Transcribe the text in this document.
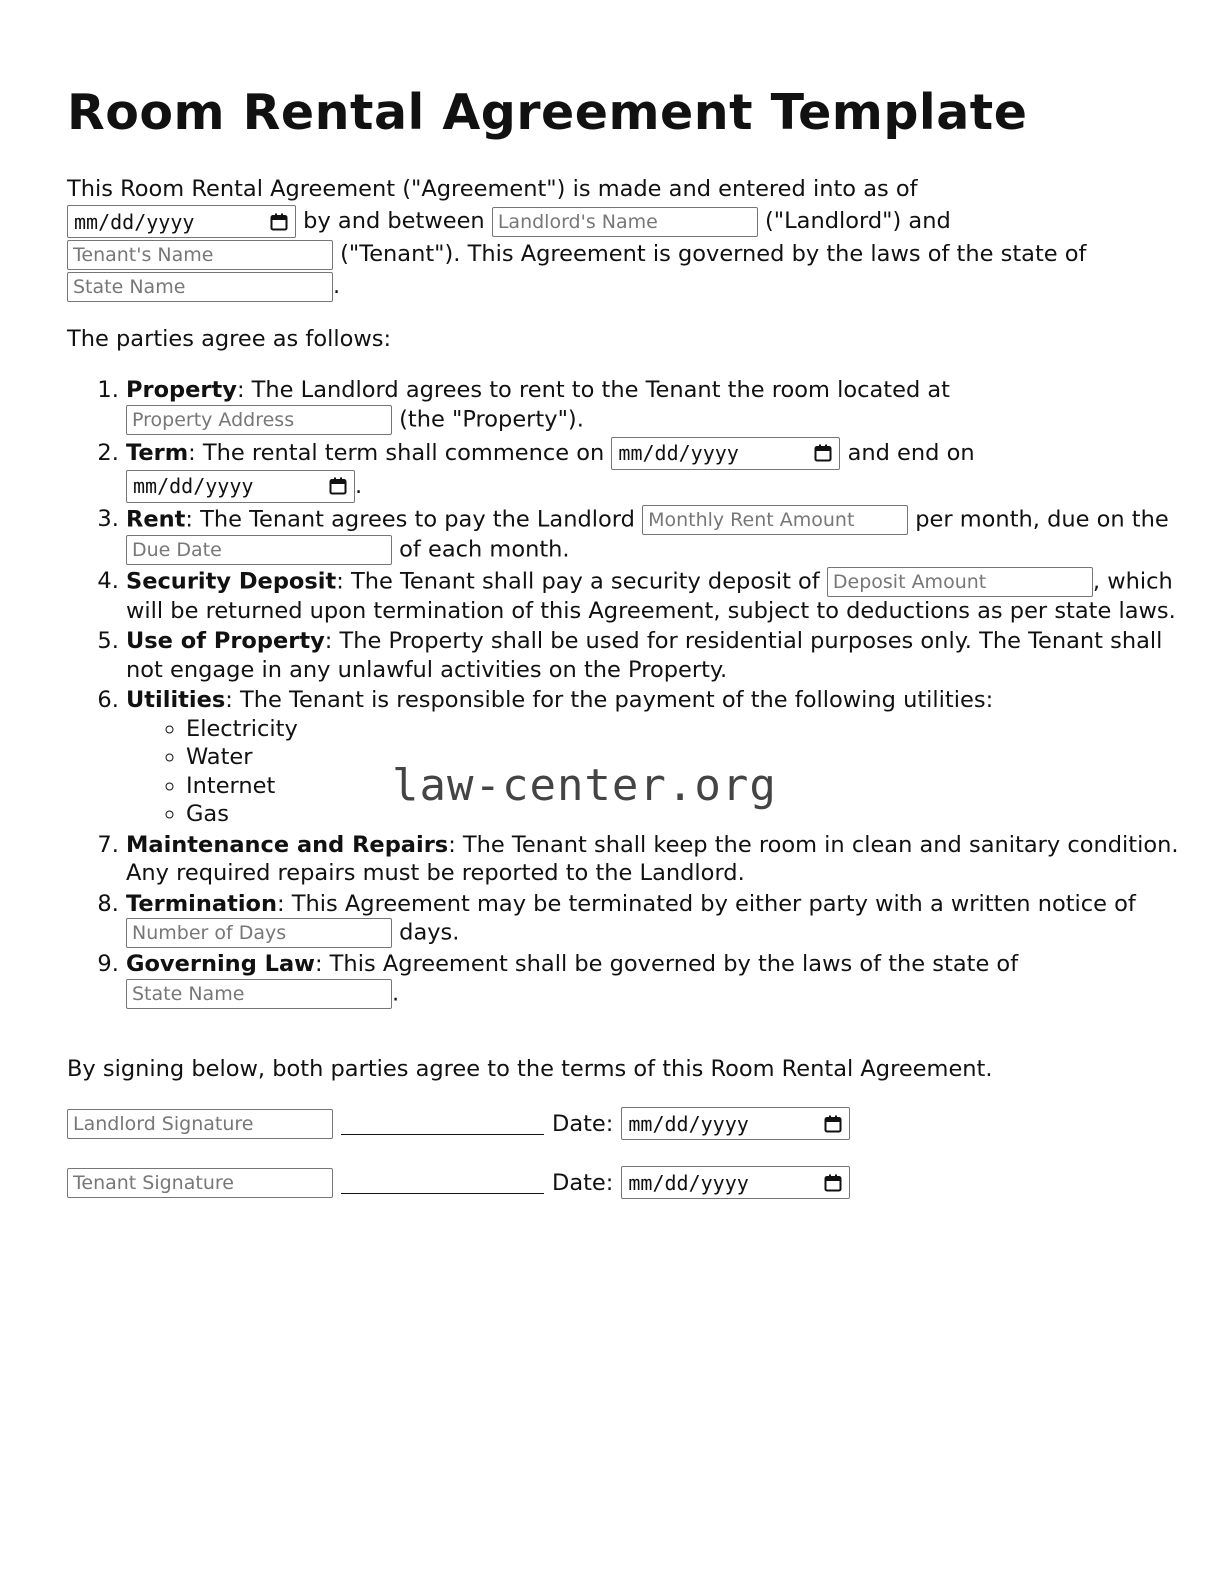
Room Rental Agreement Template
This Room Rental Agreement ("Agreement") is made and entered into as of

mm/dd/yyyy	by and between Landlord's Name	("Landlord") and
Tenant's Name ("Tenant"). This Agreement is governed by the laws of the state of
State Name.
The parties agree as follows:
1. Property: The Landlord agrees to rent to the Tenant the room located at
Property Address (the "Property").
2. Term: The rental term shall commence on mm/dd/yyyy	and end on

mm/dd/yyyy	.
3. Rent: The Tenant agrees to pay the Landlord Monthly Rent Amount	per month, due on the Due Date of each month.
4. Security Deposit: The Tenant shall pay a security deposit of Deposit Amount	, which will be returned upon termination of this Agreement, subject to deductions as per state laws.
5. Use of Property: The Property shall be used for residential purposes only. The Tenant shall not engage in any unlawful activities on the Property.
6. Utilities: The Tenant is responsible for the payment of the following utilities:
◦ Electricity
◦ Water
◦ Internet
◦ Gas
7. Maintenance and Repairs: The Tenant shall keep the room in clean and sanitary condition. Any required repairs must be reported to the Landlord.
8. Termination: This Agreement may be terminated by either party with a written notice of Number of Days days.
9. Governing Law: This Agreement shall be governed by the laws of the state of
State Name.
By signing below, both parties agree to the terms of this Room Rental Agreement.
Landlord Signature
Date: mm/dd/yyyy
Tenant Signature
Date: mm/dd/yyyy
law-center.org
